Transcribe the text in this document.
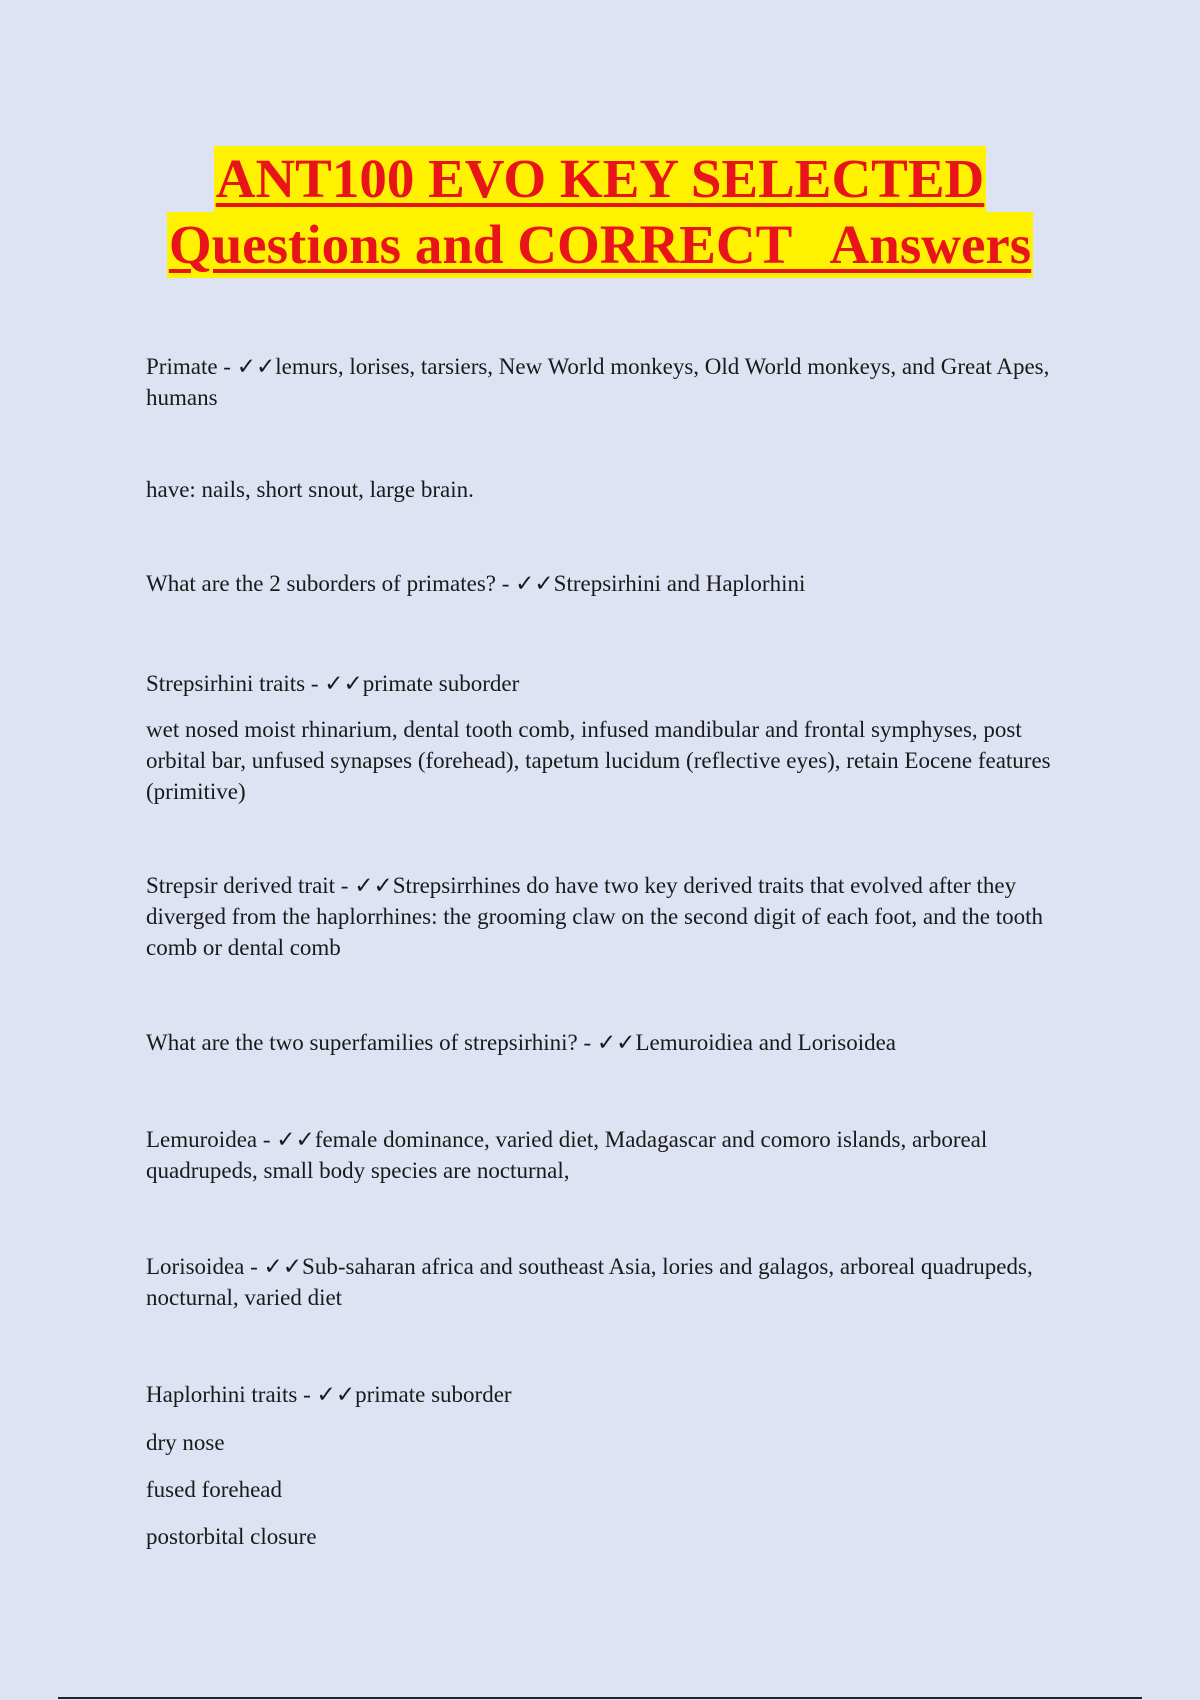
ANT100 EVO KEY SELECTED
Questions and CORRECT   Answers

Primate - ✓✓lemurs, lorises, tarsiers, New World monkeys, Old World monkeys, and Great Apes, humans

have: nails, short snout, large brain.

What are the 2 suborders of primates? - ✓✓Strepsirhini and Haplorhini

Strepsirhini traits - ✓✓primate suborder

wet nosed moist rhinarium, dental tooth comb, infused mandibular and frontal symphyses, post orbital bar, unfused synapses (forehead), tapetum lucidum (reflective eyes), retain Eocene features (primitive)

Strepsir derived trait - ✓✓Strepsirrhines do have two key derived traits that evolved after they diverged from the haplorrhines: the grooming claw on the second digit of each foot, and the tooth comb or dental comb

What are the two superfamilies of strepsirhini? - ✓✓Lemuroidiea and Lorisoidea

Lemuroidea - ✓✓female dominance, varied diet, Madagascar and comoro islands, arboreal quadrupeds, small body species are nocturnal,

Lorisoidea - ✓✓Sub-saharan africa and southeast Asia, lories and galagos, arboreal quadrupeds, nocturnal, varied diet

Haplorhini traits - ✓✓primate suborder

dry nose

fused forehead

postorbital closure
